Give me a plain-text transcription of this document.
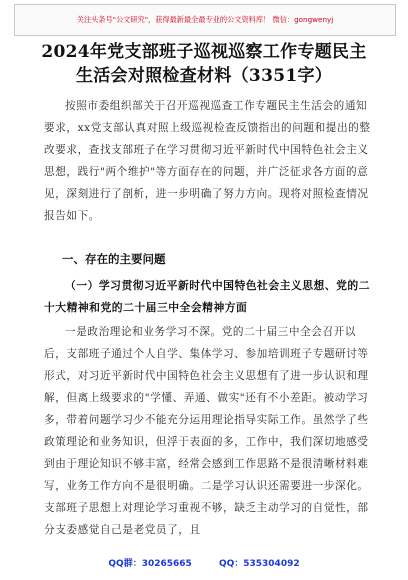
关注头条号"公文研究"，获得最新最全最专业的公文资料库！ 微信：gongwenyj
2024年党支部班子巡视巡察工作专题民主
生活会对照检查材料（3351字）
按照市委组织部关于召开巡视巡查工作专题民主生活会的通知要求，xx党支部认真对照上级巡视检查反馈指出的问题和提出的整改要求，查找支部班子在学习贯彻习近平新时代中国特色社会主义思想，践行"两个维护"等方面存在的问题，并广泛征求各方面的意见，深刻进行了剖析，进一步明确了努力方向。现将对照检查情况报告如下。
一、存在的主要问题
（一）学习贯彻习近平新时代中国特色社会主义思想、党的二十大精神和党的二十届三中全会精神方面
一是政治理论和业务学习不深。党的二十届三中全会召开以后，支部班子通过个人自学、集体学习、参加培训班子专题研讨等形式，对习近平新时代中国特色社会主义思想有了进一步认识和理解，但离上级要求的"学懂、弄通、做实"还有不小差距。被动学习多，带着问题学习少不能充分运用理论指导实际工作。虽然学了些政策理论和业务知识，但浮于表面的多，工作中，我们深切地感受到由于理论知识不够丰富，经常会感到工作思路不是很清晰材料难写，业务工作方向不是很明确。二是学习认识还需要进一步深化。支部班子思想上对理论学习重视不够，缺乏主动学习的自觉性，部分支委感觉自己是老党员了，且
QQ群：30265665	QQ：535304092
